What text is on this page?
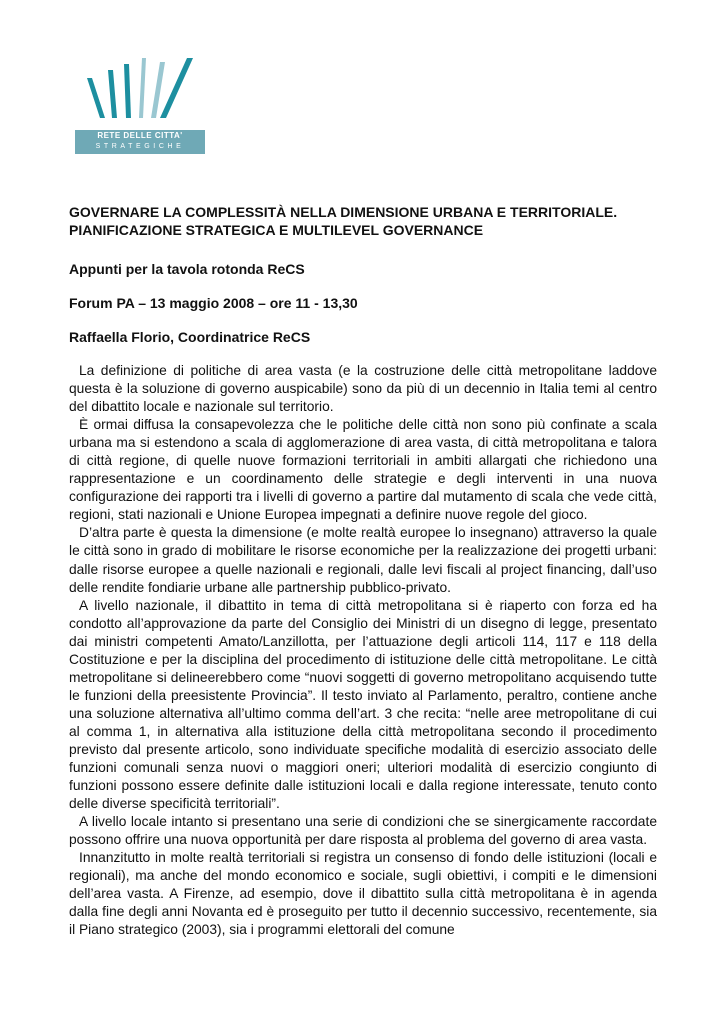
RETE DELLE CITTA'
STRATEGICHE

GOVERNARE LA COMPLESSITÀ NELLA DIMENSIONE URBANA E TERRITORIALE.
PIANIFICAZIONE STRATEGICA E MULTILEVEL GOVERNANCE

Appunti per la tavola rotonda ReCS

Forum PA – 13 maggio 2008 – ore 11 - 13,30

Raffaella Florio, Coordinatrice ReCS

La definizione di politiche di area vasta (e la costruzione delle città metropolitane laddove questa è la soluzione di governo auspicabile) sono da più di un decennio in Italia temi al centro del dibattito locale e nazionale sul territorio.

È ormai diffusa la consapevolezza che le politiche delle città non sono più confinate a scala urbana ma si estendono a scala di agglomerazione di area vasta, di città metropolitana e talora di città regione, di quelle nuove formazioni territoriali in ambiti allargati che richiedono una rappresentazione e un coordinamento delle strategie e degli interventi in una nuova configurazione dei rapporti tra i livelli di governo a partire dal mutamento di scala che vede città, regioni, stati nazionali e Unione Europea impegnati a definire nuove regole del gioco.

D’altra parte è questa la dimensione (e molte realtà europee lo insegnano) attraverso la quale le città sono in grado di mobilitare le risorse economiche per la realizzazione dei progetti urbani: dalle risorse europee a quelle nazionali e regionali, dalle levi fiscali al project financing, dall’uso delle rendite fondiarie urbane alle partnership pubblico-privato.

A livello nazionale, il dibattito in tema di città metropolitana si è riaperto con forza ed ha condotto all’approvazione da parte del Consiglio dei Ministri di un disegno di legge, presentato dai ministri competenti Amato/Lanzillotta, per l’attuazione degli articoli 114, 117 e 118 della Costituzione e per la disciplina del procedimento di istituzione delle città metropolitane. Le città metropolitane si delineerebbero come “nuovi soggetti di governo metropolitano acquisendo tutte le funzioni della preesistente Provincia”. Il testo inviato al Parlamento, peraltro, contiene anche una soluzione alternativa all’ultimo comma dell’art. 3 che recita: “nelle aree metropolitane di cui al comma 1, in alternativa alla istituzione della città metropolitana secondo il procedimento previsto dal presente articolo, sono individuate specifiche modalità di esercizio associato delle funzioni comunali senza nuovi o maggiori oneri; ulteriori modalità di esercizio congiunto di funzioni possono essere definite dalle istituzioni locali e dalla regione interessate, tenuto conto delle diverse specificità territoriali”.

A livello locale intanto si presentano una serie di condizioni che se sinergicamente raccordate possono offrire una nuova opportunità per dare risposta al problema del governo di area vasta.

Innanzitutto in molte realtà territoriali si registra un consenso di fondo delle istituzioni (locali e regionali), ma anche del mondo economico e sociale, sugli obiettivi, i compiti e le dimensioni dell’area vasta. A Firenze, ad esempio, dove il dibattito sulla città metropolitana è in agenda dalla fine degli anni Novanta ed è proseguito per tutto il decennio successivo, recentemente, sia il Piano strategico (2003), sia i programmi elettorali del comune
